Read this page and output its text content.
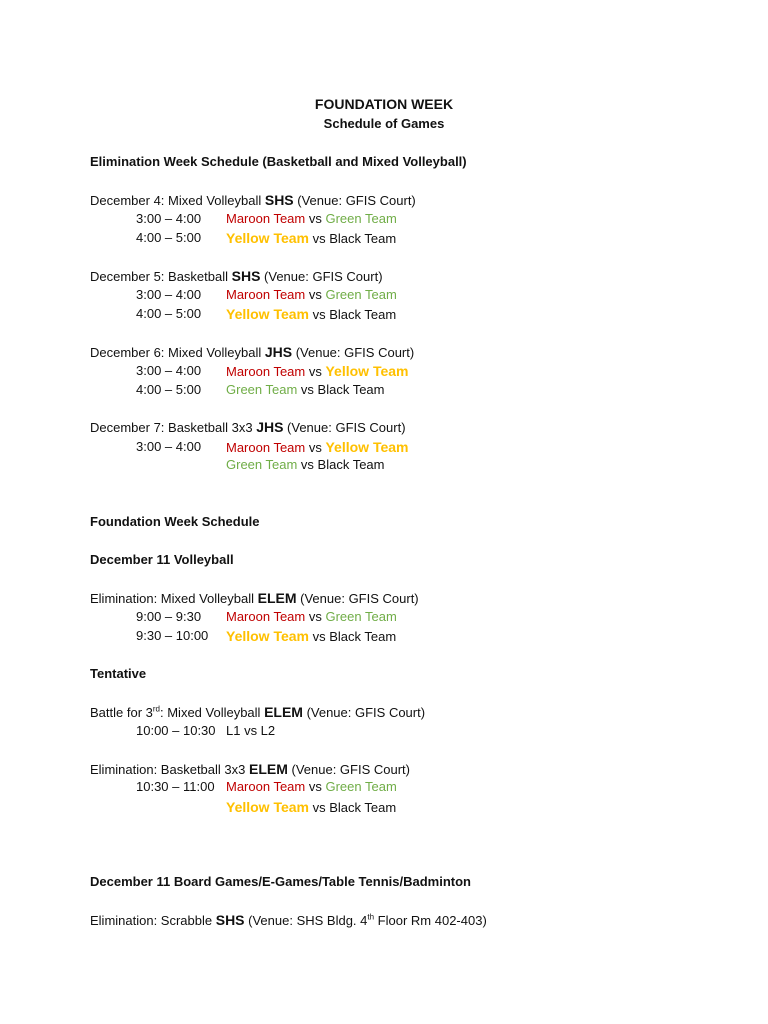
FOUNDATION WEEK
Schedule of Games
Elimination Week Schedule (Basketball and Mixed Volleyball)
December 4: Mixed Volleyball SHS (Venue: GFIS Court)
3:00 – 4:00 Maroon Team vs Green Team
4:00 – 5:00 Yellow Team vs Black Team
December 5: Basketball SHS (Venue: GFIS Court)
3:00 – 4:00 Maroon Team vs Green Team
4:00 – 5:00 Yellow Team vs Black Team
December 6: Mixed Volleyball JHS (Venue: GFIS Court)
3:00 – 4:00 Maroon Team vs Yellow Team
4:00 – 5:00 Green Team vs Black Team
December 7: Basketball 3x3 JHS (Venue: GFIS Court)
3:00 – 4:00 Maroon Team vs Yellow Team
Green Team vs Black Team
Foundation Week Schedule
December 11 Volleyball
Elimination: Mixed Volleyball ELEM (Venue: GFIS Court)
9:00 – 9:30 Maroon Team vs Green Team
9:30 – 10:00 Yellow Team vs Black Team
Tentative
Battle for 3rd: Mixed Volleyball ELEM (Venue: GFIS Court)
10:00 – 10:30 L1 vs L2
Elimination: Basketball 3x3 ELEM (Venue: GFIS Court)
10:30 – 11:00 Maroon Team vs Green Team
Yellow Team vs Black Team
December 11 Board Games/E-Games/Table Tennis/Badminton
Elimination: Scrabble SHS (Venue: SHS Bldg. 4th Floor Rm 402-403)
